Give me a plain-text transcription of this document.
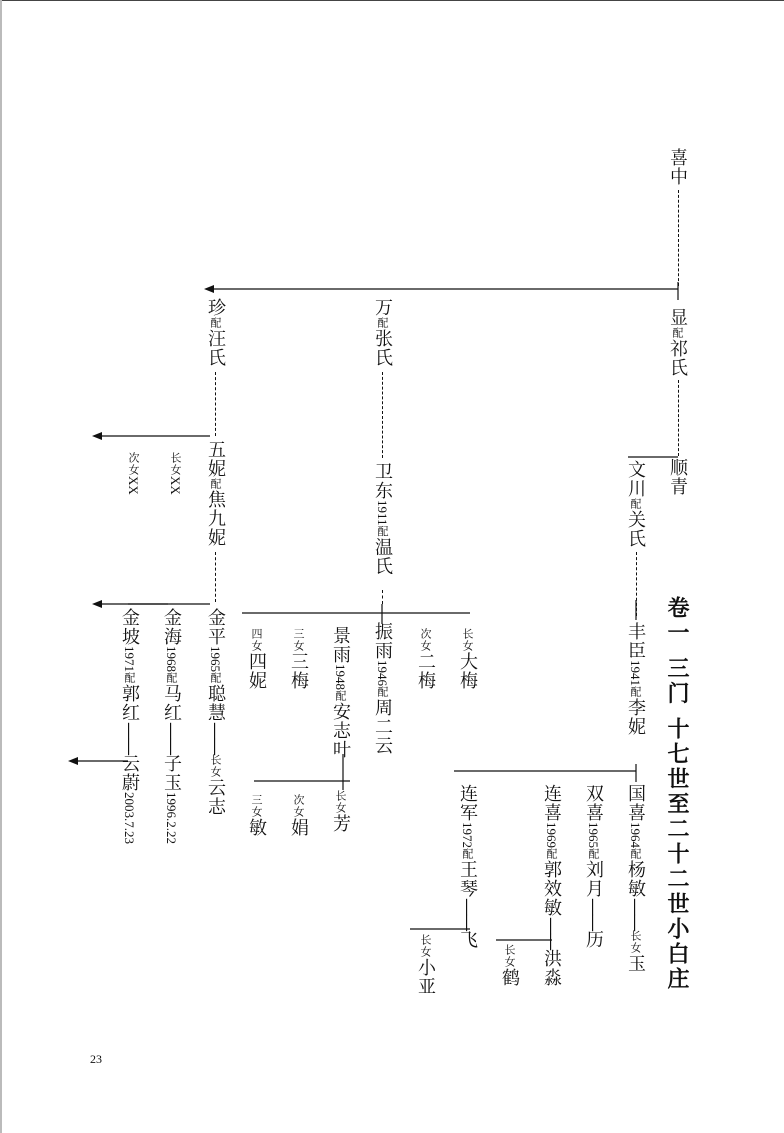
卷一 三门 十七世至二十二世小白庄
喜中
显配祁氏
顺青
珍配汪氏
万配张氏
五妮配焦九妮
卫东1911配温氏
次女XX
长女XX	文川配关氏
金平1965配聪慧——长女云志
振雨1946配周二云
次女二梅
长女大梅
景雨1948配安志叶
长女芳
三女三梅
四女四妮
次女娟
三女敏
丰臣1941配李妮
金海1968配马红——子玉1996.2.22
金坡1971配郭红——云蔚2003.7.23	国喜1964配杨敏——长女玉
双喜1965配刘月——历
连喜1969配郭效敏——洪淼
长女鹤
连军1972配王琴——飞
长女小亚
23
